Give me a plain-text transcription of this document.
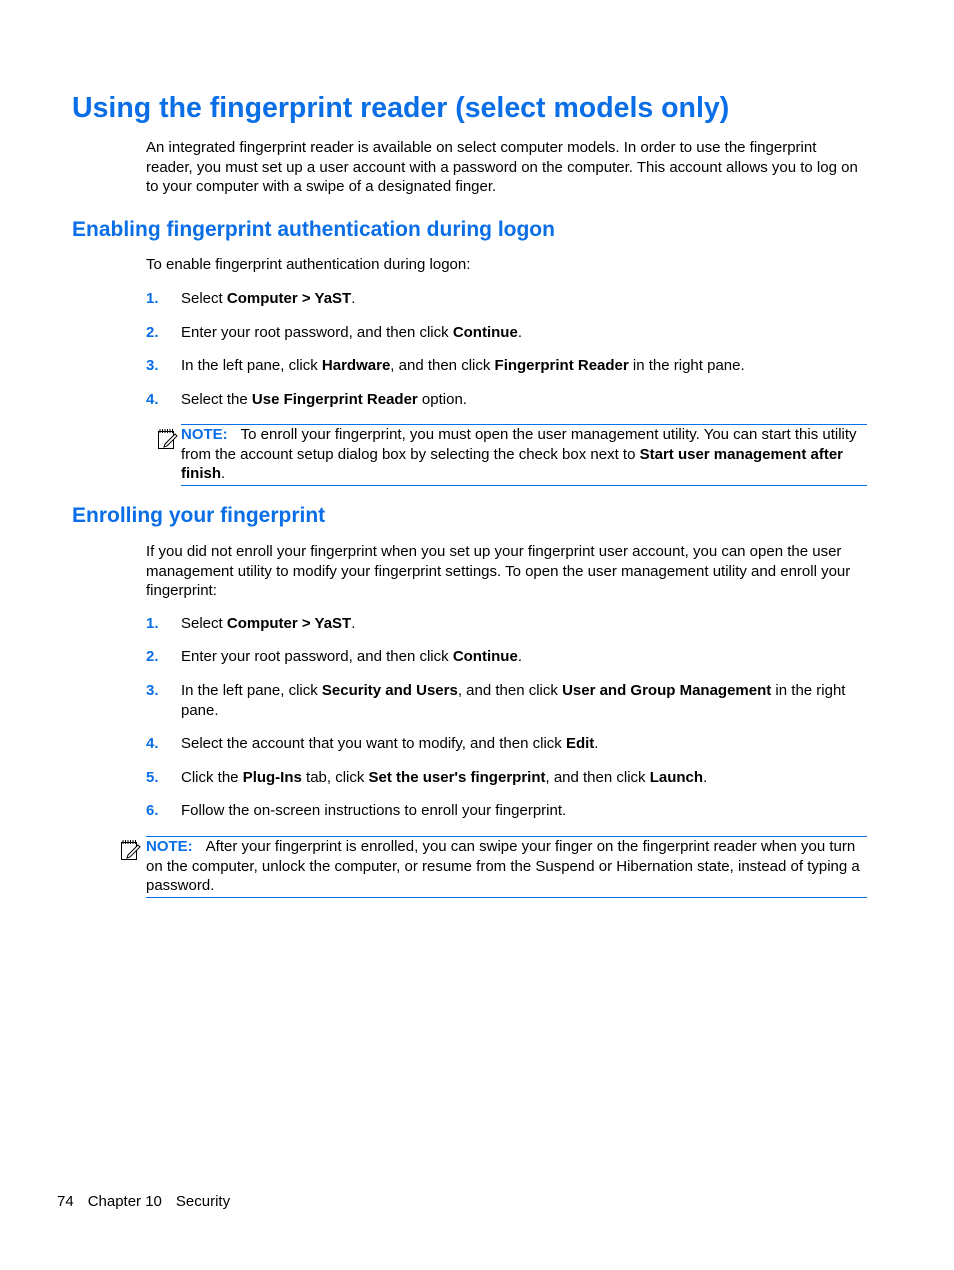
Using the fingerprint reader (select models only)

An integrated fingerprint reader is available on select computer models. In order to use the fingerprint reader, you must set up a user account with a password on the computer. This account allows you to log on to your computer with a swipe of a designated finger.

Enabling fingerprint authentication during logon

To enable fingerprint authentication during logon:

1. Select Computer > YaST.
2. Enter your root password, and then click Continue.
3. In the left pane, click Hardware, and then click Fingerprint Reader in the right pane.
4. Select the Use Fingerprint Reader option.
NOTE: To enroll your fingerprint, you must open the user management utility. You can start this utility from the account setup dialog box by selecting the check box next to Start user management after finish.
Enrolling your fingerprint

If you did not enroll your fingerprint when you set up your fingerprint user account, you can open the user management utility to modify your fingerprint settings. To open the user management utility and enroll your fingerprint:

1. Select Computer > YaST.
2. Enter your root password, and then click Continue.
3. In the left pane, click Security and Users, and then click User and Group Management in the right pane.
4. Select the account that you want to modify, and then click Edit.
5. Click the Plug-Ins tab, click Set the user's fingerprint, and then click Launch.
6. Follow the on-screen instructions to enroll your fingerprint.
NOTE: After your fingerprint is enrolled, you can swipe your finger on the fingerprint reader when you turn on the computer, unlock the computer, or resume from the Suspend or Hibernation state, instead of typing a password.
74 Chapter 10 Security
